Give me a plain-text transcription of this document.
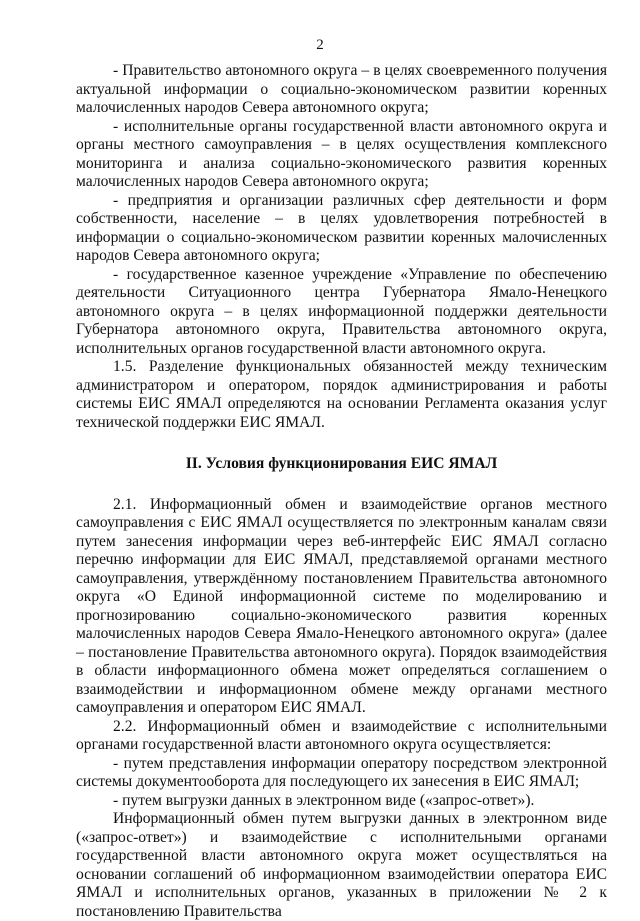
2

- Правительство автономного округа – в целях своевременного получения актуальной информации о социально-экономическом развитии коренных малочисленных народов Севера автономного округа;

- исполнительные органы государственной власти автономного округа и органы местного самоуправления – в целях осуществления комплексного мониторинга и анализа социально-экономического развития коренных малочисленных народов Севера автономного округа;

- предприятия и организации различных сфер деятельности и форм собственности, население – в целях удовлетворения потребностей в информации о социально-экономическом развитии коренных малочисленных народов Севера автономного округа;

- государственное казенное учреждение «Управление по обеспечению деятельности Ситуационного центра Губернатора Ямало-Ненецкого автономного округа – в целях информационной поддержки деятельности Губернатора автономного округа, Правительства автономного округа, исполнительных органов государственной власти автономного округа.

1.5. Разделение функциональных обязанностей между техническим администратором и оператором, порядок администрирования и работы системы ЕИС ЯМАЛ определяются на основании Регламента оказания услуг технической поддержки ЕИС ЯМАЛ.

II. Условия функционирования ЕИС ЯМАЛ

2.1. Информационный обмен и взаимодействие органов местного самоуправления с ЕИС ЯМАЛ осуществляется по электронным каналам связи путем занесения информации через веб-интерфейс ЕИС ЯМАЛ согласно перечню информации для ЕИС ЯМАЛ, представляемой органами местного самоуправления, утверждённому постановлением Правительства автономного округа «О Единой информационной системе по моделированию и прогнозированию социально-экономического развития коренных малочисленных народов Севера Ямало-Ненецкого автономного округа» (далее – постановление Правительства автономного округа). Порядок взаимодействия в области информационного обмена может определяться соглашением о взаимодействии и информационном обмене между органами местного самоуправления и оператором ЕИС ЯМАЛ.

2.2. Информационный обмен и взаимодействие с исполнительными органами государственной власти автономного округа осуществляется:

- путем представления информации оператору посредством электронной системы документооборота для последующего их занесения в ЕИС ЯМАЛ;

- путем выгрузки данных в электронном виде («запрос-ответ»).

Информационный обмен путем выгрузки данных в электронном виде («запрос-ответ») и взаимодействие с исполнительными органами государственной власти автономного округа может осуществляться на основании соглашений об информационном взаимодействии оператора ЕИС ЯМАЛ и исполнительных органов, указанных в приложении № 2 к постановлению Правительства
